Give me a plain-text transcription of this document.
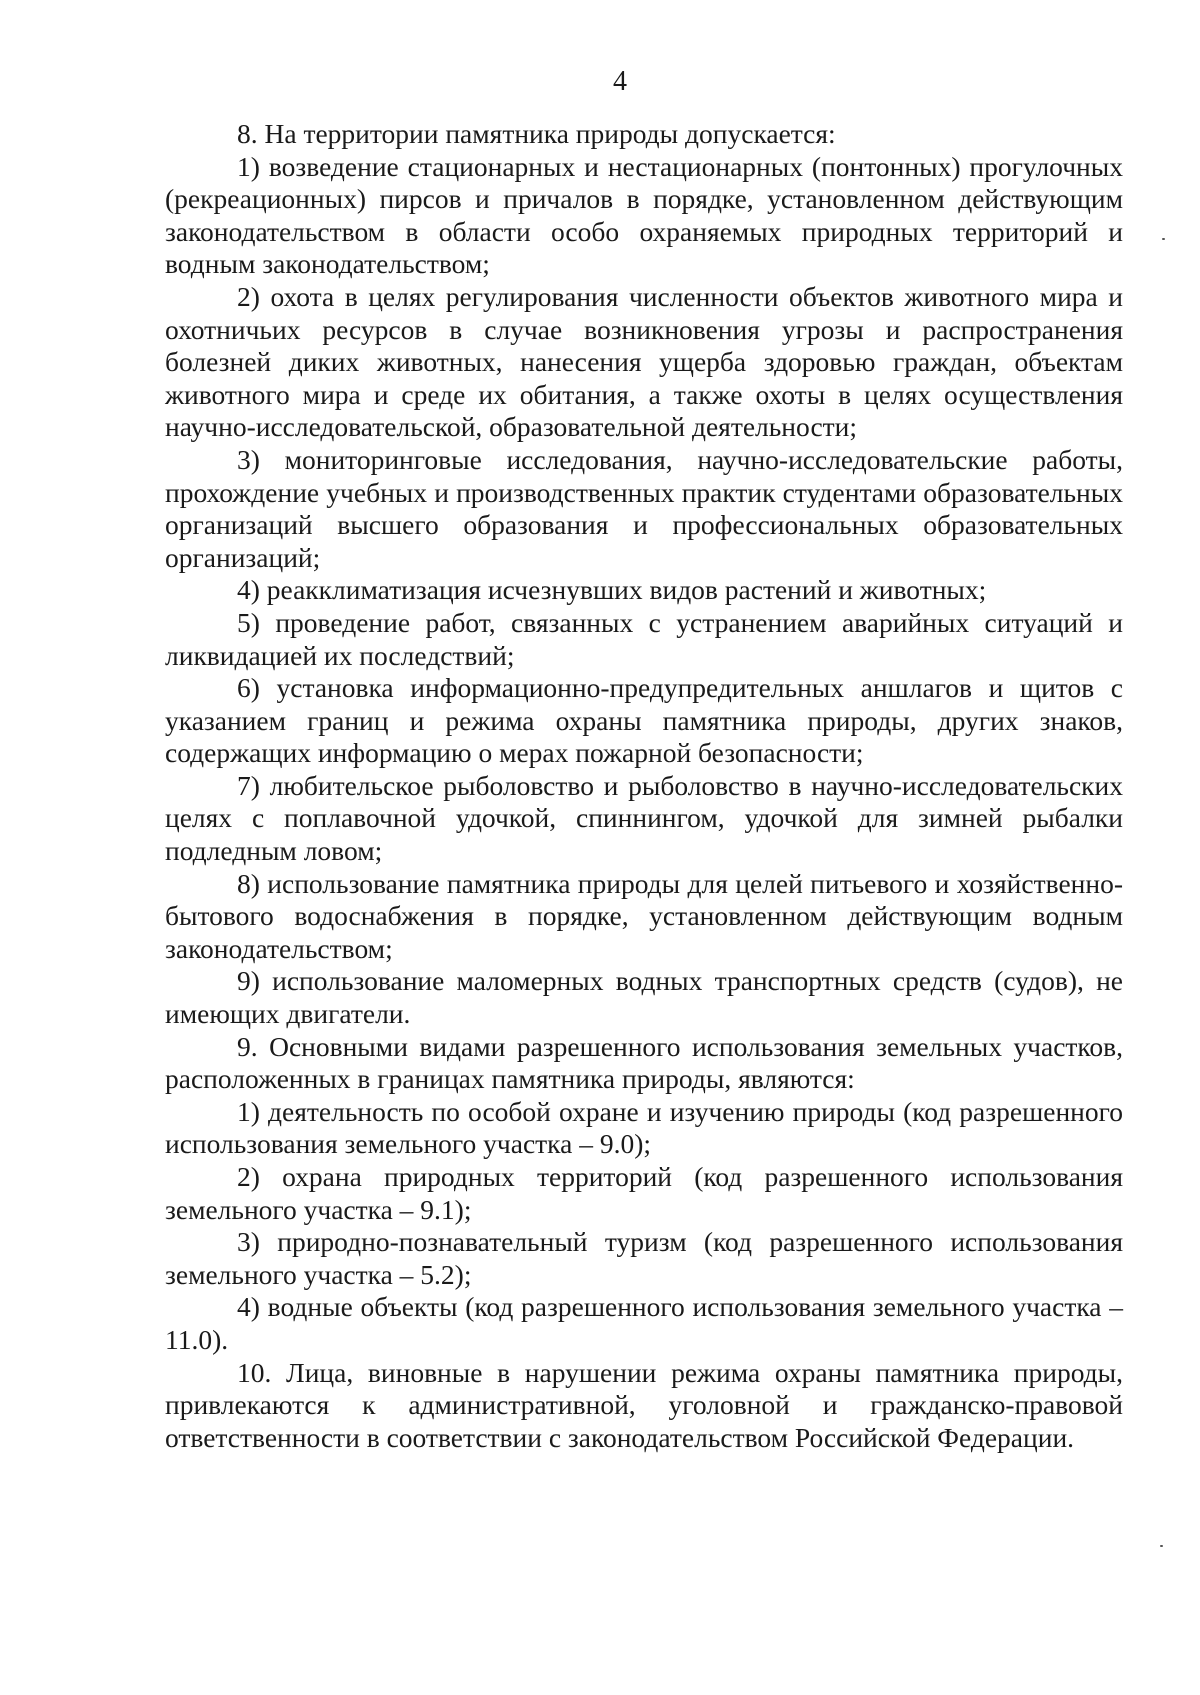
4

8. На территории памятника природы допускается:

1) возведение стационарных и нестационарных (понтонных) прогулочных (рекреационных) пирсов и причалов в порядке, установленном действующим законодательством в области особо охраняемых природных территорий и водным законодательством;

2) охота в целях регулирования численности объектов животного мира и охотничьих ресурсов в случае возникновения угрозы и распространения болезней диких животных, нанесения ущерба здоровью граждан, объектам животного мира и среде их обитания, а также охоты в целях осуществления научно-исследовательской, образовательной деятельности;

3) мониторинговые исследования, научно-исследовательские работы, прохождение учебных и производственных практик студентами образовательных организаций высшего образования и профессиональных образовательных организаций;

4) реакклиматизация исчезнувших видов растений и животных;

5) проведение работ, связанных с устранением аварийных ситуаций и ликвидацией их последствий;

6) установка информационно-предупредительных аншлагов и щитов с указанием границ и режима охраны памятника природы, других знаков, содержащих информацию о мерах пожарной безопасности;

7) любительское рыболовство и рыболовство в научно-исследовательских целях с поплавочной удочкой, спиннингом, удочкой для зимней рыбалки подледным ловом;

8) использование памятника природы для целей питьевого и хозяйственно-бытового водоснабжения в порядке, установленном действующим водным законодательством;

9) использование маломерных водных транспортных средств (судов), не имеющих двигатели.

9. Основными видами разрешенного использования земельных участков, расположенных в границах памятника природы, являются:

1) деятельность по особой охране и изучению природы (код разрешенного использования земельного участка – 9.0);

2) охрана природных территорий (код разрешенного использования земельного участка – 9.1);

3) природно-познавательный туризм (код разрешенного использования земельного участка – 5.2);

4) водные объекты (код разрешенного использования земельного участка – 11.0).

10. Лица, виновные в нарушении режима охраны памятника природы, привлекаются к административной, уголовной и гражданско-правовой ответственности в соответствии с законодательством Российской Федерации.
